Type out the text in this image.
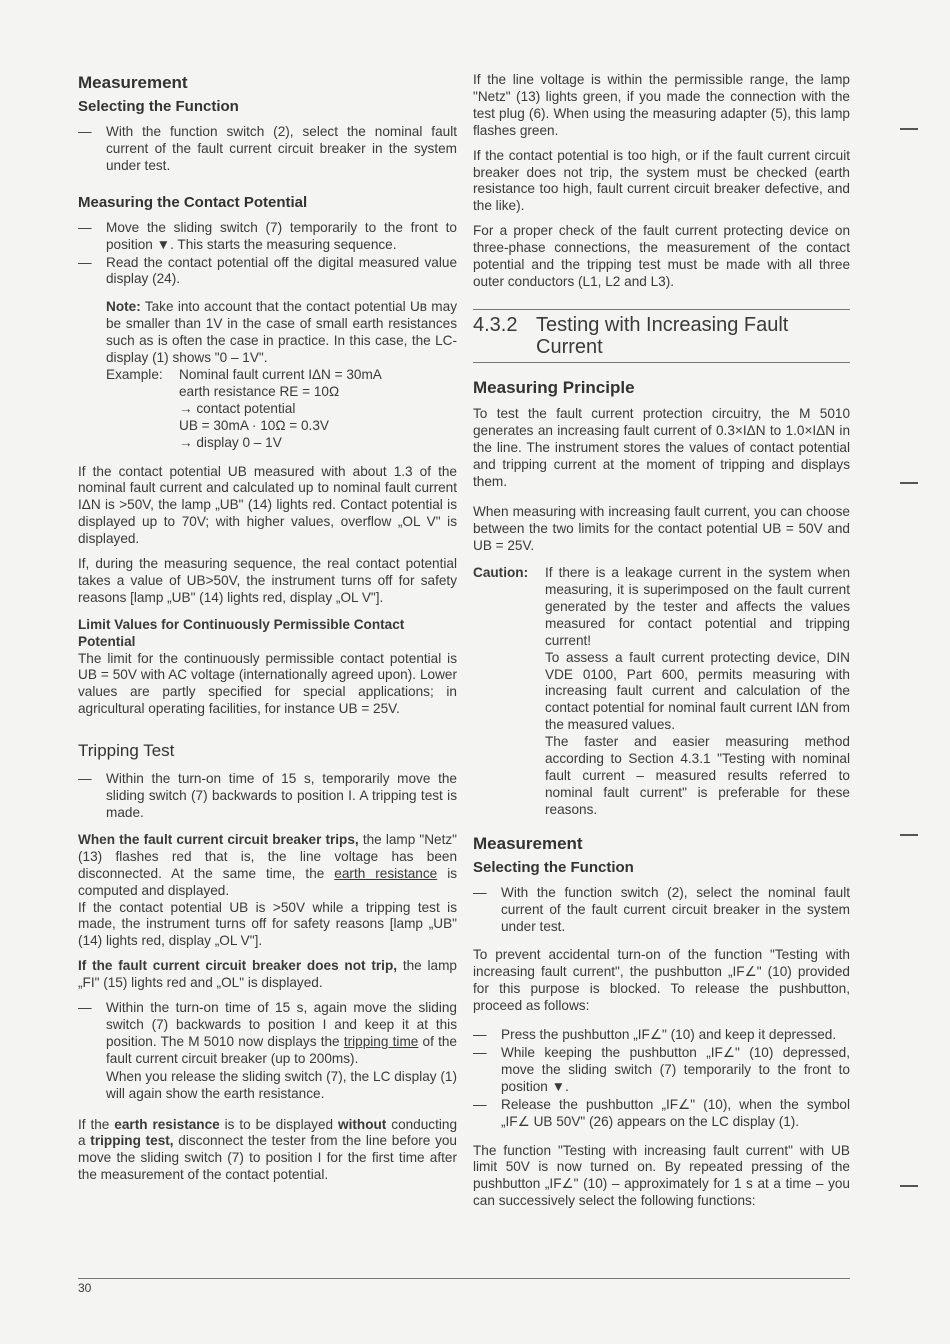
Measurement
Selecting the Function
—	With the function switch (2), select the nominal fault current of the fault current circuit breaker in the system under test.
Measuring the Contact Potential
—	Move the sliding switch (7) temporarily to the front to position ▼. This starts the measuring sequence.
—	Read the contact potential off the digital measured value display (24).

Note: Take into account that the contact potential Uʙ may be smaller than 1V in the case of small earth resistances such as is often the case in practice. In this case, the LC-display (1) shows "0 – 1V".

Example:	Nominal fault current IΔN = 30mA
earth resistance RE = 10Ω
→ contact potential
UB = 30mA · 10Ω = 0.3V
→ display 0 – 1V

If the contact potential UB measured with about 1.3 of the nominal fault current and calculated up to nominal fault current IΔN is >50V, the lamp „UB" (14) lights red. Contact potential is displayed up to 70V; with higher values, overflow „OL V" is displayed.

If, during the measuring sequence, the real contact potential takes a value of UB>50V, the instrument turns off for safety reasons [lamp „UB" (14) lights red, display „OL V"].

Limit Values for Continuously Permissible Contact Potential

The limit for the continuously permissible contact potential is UB = 50V with AC voltage (internationally agreed upon). Lower values are partly specified for special applications; in agricultural operating facilities, for instance UB = 25V.

Tripping Test
—	Within the turn-on time of 15 s, temporarily move the sliding switch (7) backwards to position I. A tripping test is made.

When the fault current circuit breaker trips, the lamp "Netz" (13) flashes red that is, the line voltage has been disconnected. At the same time, the earth resistance is computed and displayed.

If the contact potential UB is >50V while a tripping test is made, the instrument turns off for safety reasons [lamp „UB" (14) lights red, display „OL V"].

If the fault current circuit breaker does not trip, the lamp „FI" (15) lights red and „OL" is displayed.

—	Within the turn-on time of 15 s, again move the sliding switch (7) backwards to position I and keep it at this position. The M 5010 now displays the tripping time of the fault current circuit breaker (up to 200ms).

When you release the sliding switch (7), the LC display (1) will again show the earth resistance.

If the earth resistance is to be displayed without conducting a tripping test, disconnect the tester from the line before you move the sliding switch (7) to position I for the first time after the measurement of the contact potential.

If the line voltage is within the permissible range, the lamp "Netz" (13) lights green, if you made the connection with the test plug (6). When using the measuring adapter (5), this lamp flashes green.

If the contact potential is too high, or if the fault current circuit breaker does not trip, the system must be checked (earth resistance too high, fault current circuit breaker defective, and the like).

For a proper check of the fault current protecting device on three-phase connections, the measurement of the contact potential and the tripping test must be made with all three outer conductors (L1, L2 and L3).

4.3.2 Testing with Increasing Fault Current
Measuring Principle

To test the fault current protection circuitry, the M 5010 generates an increasing fault current of 0.3×IΔN to 1.0×IΔN in the line. The instrument stores the values of contact potential and tripping current at the moment of tripping and displays them.

When measuring with increasing fault current, you can choose between the two limits for the contact potential UB = 50V and UB = 25V.

Caution:	If there is a leakage current in the system when measuring, it is superimposed on the fault current generated by the tester and affects the values measured for contact potential and tripping current!
To assess a fault current protecting device, DIN VDE 0100, Part 600, permits measuring with increasing fault current and calculation of the contact potential for nominal fault current IΔN from the measured values.
The faster and easier measuring method according to Section 4.3.1 "Testing with nominal fault current – measured results referred to nominal fault current" is preferable for these reasons.
Measurement
Selecting the Function
—	With the function switch (2), select the nominal fault current of the fault current circuit breaker in the system under test.

To prevent accidental turn-on of the function "Testing with increasing fault current", the pushbutton „IF∠" (10) provided for this purpose is blocked. To release the pushbutton, proceed as follows:

—	Press the pushbutton „IF∠" (10) and keep it depressed.
—	While keeping the pushbutton „IF∠" (10) depressed, move the sliding switch (7) temporarily to the front to position ▼.
—	Release the pushbutton „IF∠" (10), when the symbol „IF∠ UB 50V" (26) appears on the LC display (1).

The function "Testing with increasing fault current" with UB limit 50V is now turned on. By repeated pressing of the pushbutton „IF∠" (10) – approximately for 1 s at a time – you can successively select the following functions:

30
